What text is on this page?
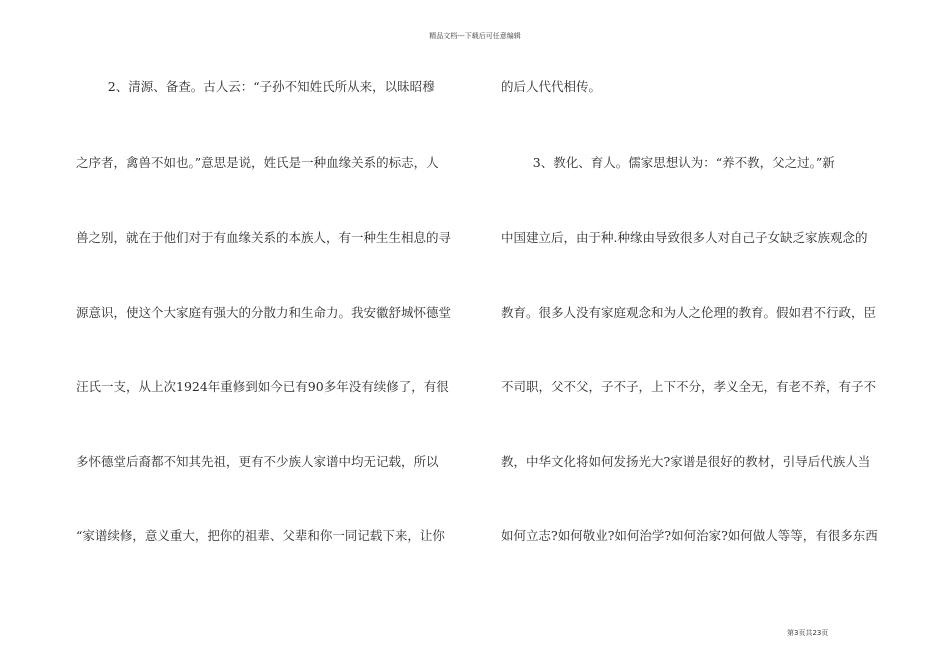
精品文档---下载后可任意编辑
2、清源、备查。古人云：“子孙不知姓氏所从来，以昧昭穆
之序者，禽兽不如也。”意思是说，姓氏是一种血缘关系的标志，人
兽之别，就在于他们对于有血缘关系的本族人，有一种生生相息的寻
源意识，使这个大家庭有强大的分散力和生命力。我安徽舒城怀德堂
汪氏一支，从上次1924年重修到如今已有90多年没有续修了，有很
多怀德堂后裔都不知其先祖，更有不少族人家谱中均无记载，所以
“家谱续修，意义重大，把你的祖辈、父辈和你一同记载下来，让你
的后人代代相传。
3、教化、育人。儒家思想认为：“养不教，父之过。”新
中国建立后，由于种.种缘由导致很多人对自己子女缺乏家族观念的
教育。很多人没有家庭观念和为人之伦理的教育。假如君不行政，臣
不司职，父不父，子不子，上下不分，孝义全无，有老不养，有子不
教，中华文化将如何发扬光大?家谱是很好的教材，引导后代族人当
如何立志?如何敬业?如何治学?如何治家?如何做人等等，有很多东西
第3页共23页
